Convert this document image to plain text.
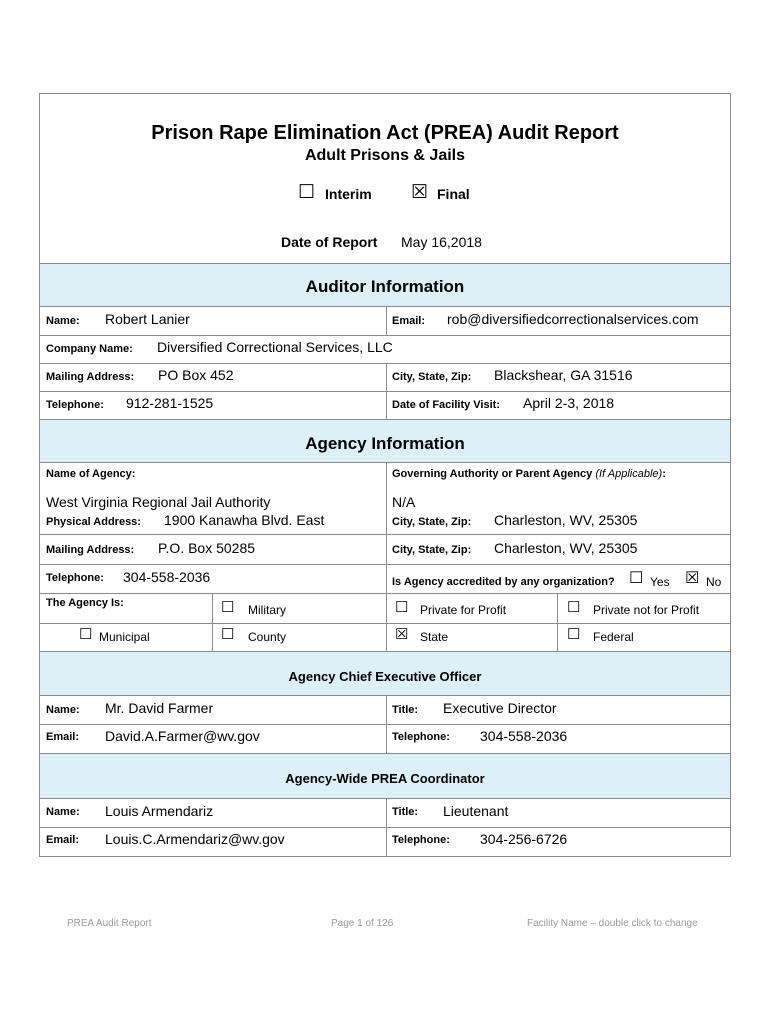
Prison Rape Elimination Act (PREA) Audit Report
Adult Prisons & Jails
☐ Interim ☒ Final
Date of Report May 16,2018
Auditor Information
Name: Robert Lanier	Email: rob@diversifiedcorrectionalservices.com
Company Name: Diversified Correctional Services, LLC
Mailing Address: PO Box 452	City, State, Zip: Blackshear, GA 31516
Telephone: 912-281-1525	Date of Facility Visit: April 2-3, 2018
Agency Information
Name of Agency:	Governing Authority or Parent Agency (If Applicable):
West Virginia Regional Jail Authority	N/A
Physical Address: 1900 Kanawha Blvd. East	City, State, Zip: Charleston, WV, 25305
Mailing Address: P.O. Box 50285	City, State, Zip: Charleston, WV, 25305
Telephone: 304-558-2036	Is Agency accredited by any organization? ☐ Yes ☒ No
The Agency Is:	☐ Military	☐ Private for Profit	☐ Private not for Profit
☐ Municipal	☐ County	☒ State	☐ Federal
Agency Chief Executive Officer
Name: Mr. David Farmer	Title: Executive Director
Email: David.A.Farmer@wv.gov	Telephone: 304-558-2036
Agency-Wide PREA Coordinator
Name: Louis Armendariz	Title: Lieutenant
Email: Louis.C.Armendariz@wv.gov	Telephone: 304-256-6726
PREA Audit Report	Page 1 of 126	Facility Name – double click to change
